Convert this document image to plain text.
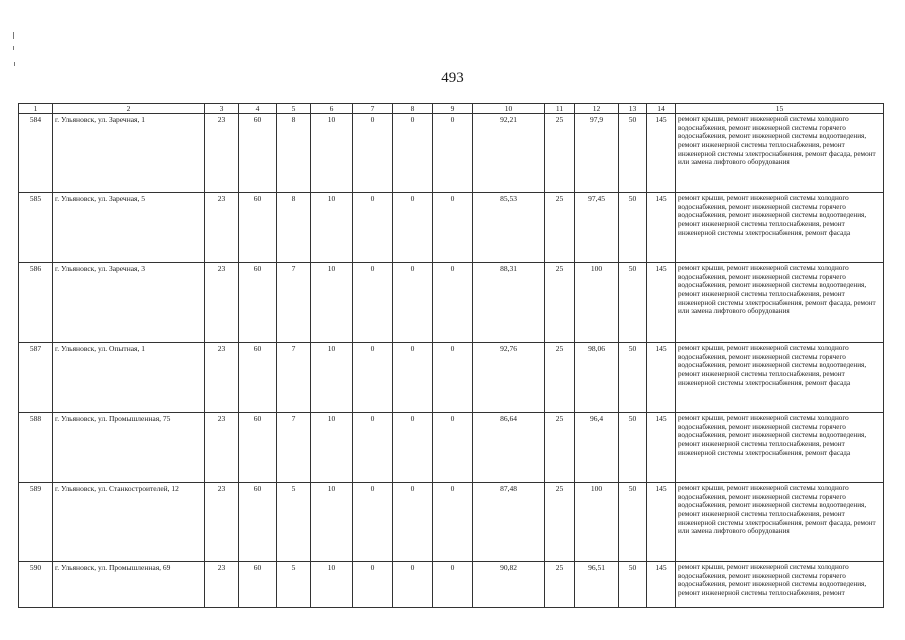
493
1	2	3	4	5	6	7	8	9	10	11	12	13	14	15
584	г. Ульяновск, ул. Заречная, 1	23	60	8	10	0	0	0	92,21	25	97,9	50	145	ремонт крыши, ремонт инженерной системы холодного водоснабжения, ремонт инженерной системы горячего водоснабжения, ремонт инженерной системы водоотведения, ремонт инженерной системы теплоснабжения, ремонт инженерной системы электроснабжения, ремонт фасада, ремонт или замена лифтового оборудования
585	г. Ульяновск, ул. Заречная, 5	23	60	8	10	0	0	0	85,53	25	97,45	50	145	ремонт крыши, ремонт инженерной системы холодного водоснабжения, ремонт инженерной системы горячего водоснабжения, ремонт инженерной системы водоотведения, ремонт инженерной системы теплоснабжения, ремонт инженерной системы электроснабжения, ремонт фасада
586	г. Ульяновск, ул. Заречная, 3	23	60	7	10	0	0	0	88,31	25	100	50	145	ремонт крыши, ремонт инженерной системы холодного водоснабжения, ремонт инженерной системы горячего водоснабжения, ремонт инженерной системы водоотведения, ремонт инженерной системы теплоснабжения, ремонт инженерной системы электроснабжения, ремонт фасада, ремонт или замена лифтового оборудования
587	г. Ульяновск, ул. Опытная, 1	23	60	7	10	0	0	0	92,76	25	98,06	50	145	ремонт крыши, ремонт инженерной системы холодного водоснабжения, ремонт инженерной системы горячего водоснабжения, ремонт инженерной системы водоотведения, ремонт инженерной системы теплоснабжения, ремонт инженерной системы электроснабжения, ремонт фасада
588	г. Ульяновск, ул. Промышленная, 75	23	60	7	10	0	0	0	86,64	25	96,4	50	145	ремонт крыши, ремонт инженерной системы холодного водоснабжения, ремонт инженерной системы горячего водоснабжения, ремонт инженерной системы водоотведения, ремонт инженерной системы теплоснабжения, ремонт инженерной системы электроснабжения, ремонт фасада
589	г. Ульяновск, ул. Станкостроителей, 12	23	60	5	10	0	0	0	87,48	25	100	50	145	ремонт крыши, ремонт инженерной системы холодного водоснабжения, ремонт инженерной системы горячего водоснабжения, ремонт инженерной системы водоотведения, ремонт инженерной системы теплоснабжения, ремонт инженерной системы электроснабжения, ремонт фасада, ремонт или замена лифтового оборудования
590	г. Ульяновск, ул. Промышленная, 69	23	60	5	10	0	0	0	90,82	25	96,51	50	145	ремонт крыши, ремонт инженерной системы холодного водоснабжения, ремонт инженерной системы горячего водоснабжения, ремонт инженерной системы водоотведения, ремонт инженерной системы теплоснабжения, ремонт
